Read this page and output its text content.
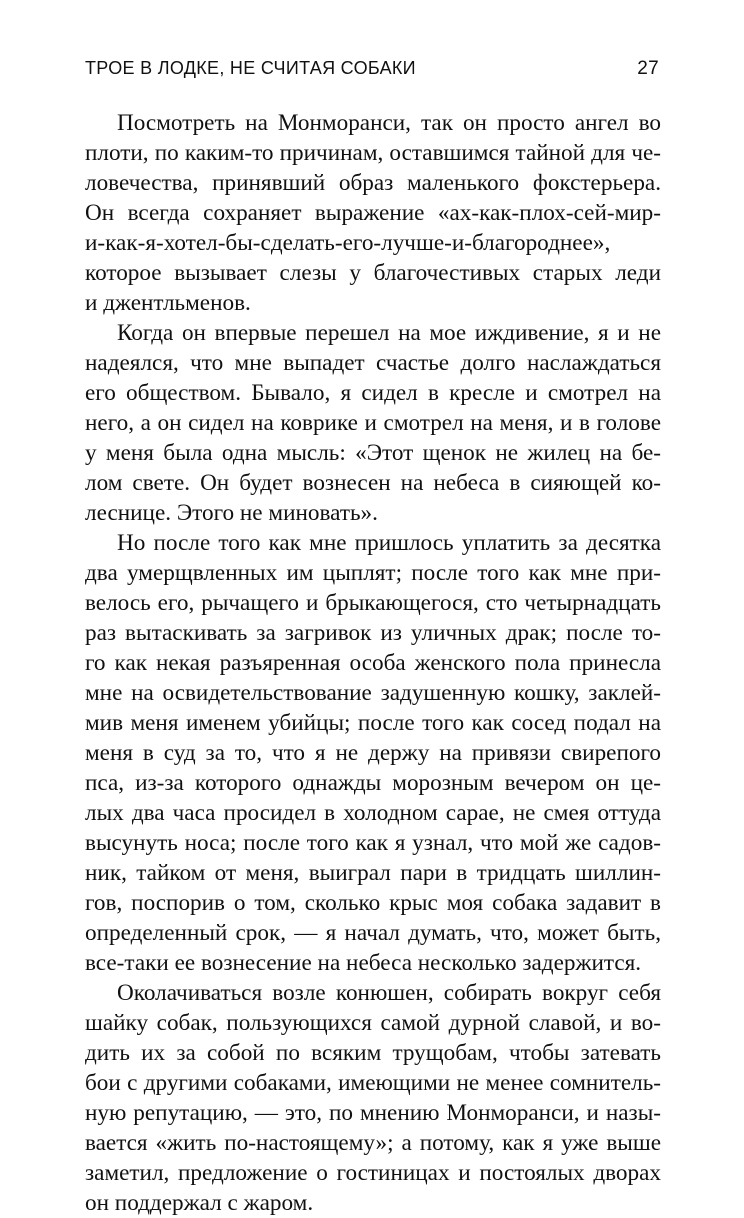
ТРОЕ В ЛОДКЕ, НЕ СЧИТАЯ СОБАКИ	27
Посмотреть на Монморанси, так он просто ангел во
плоти, по каким-то причинам, оставшимся тайной для че-
ловечества, принявший образ маленького фокстерьера.
Он всегда сохраняет выражение «ах-как-плох-сей-мир-
и-как-я-хотел-бы-сделать-его-лучше-и-благороднее»,
которое вызывает слезы у благочестивых старых леди
и джентльменов.
Когда он впервые перешел на мое иждивение, я и не
надеялся, что мне выпадет счастье долго наслаждаться
его обществом. Бывало, я сидел в кресле и смотрел на
него, а он сидел на коврике и смотрел на меня, и в голове
у меня была одна мысль: «Этот щенок не жилец на бе-
лом свете. Он будет вознесен на небеса в сияющей ко-
леснице. Этого не миновать».
Но после того как мне пришлось уплатить за десятка
два умерщвленных им цыплят; после того как мне при-
велось его, рычащего и брыкающегося, сто четырнадцать
раз вытаскивать за загривок из уличных драк; после то-
го как некая разъяренная особа женского пола принесла
мне на освидетельствование задушенную кошку, заклей-
мив меня именем убийцы; после того как сосед подал на
меня в суд за то, что я не держу на привязи свирепого
пса, из-за которого однажды морозным вечером он це-
лых два часа просидел в холодном сарае, не смея оттуда
высунуть носа; после того как я узнал, что мой же садов-
ник, тайком от меня, выиграл пари в тридцать шиллин-
гов, поспорив о том, сколько крыс моя собака задавит в
определенный срок, — я начал думать, что, может быть,
все-таки ее вознесение на небеса несколько задержится.
Околачиваться возле конюшен, собирать вокруг себя
шайку собак, пользующихся самой дурной славой, и во-
дить их за собой по всяким трущобам, чтобы затевать
бои с другими собаками, имеющими не менее сомнитель-
ную репутацию, — это, по мнению Монморанси, и назы-
вается «жить по-настоящему»; а потому, как я уже выше
заметил, предложение о гостиницах и постоялых дворах
он поддержал с жаром.
